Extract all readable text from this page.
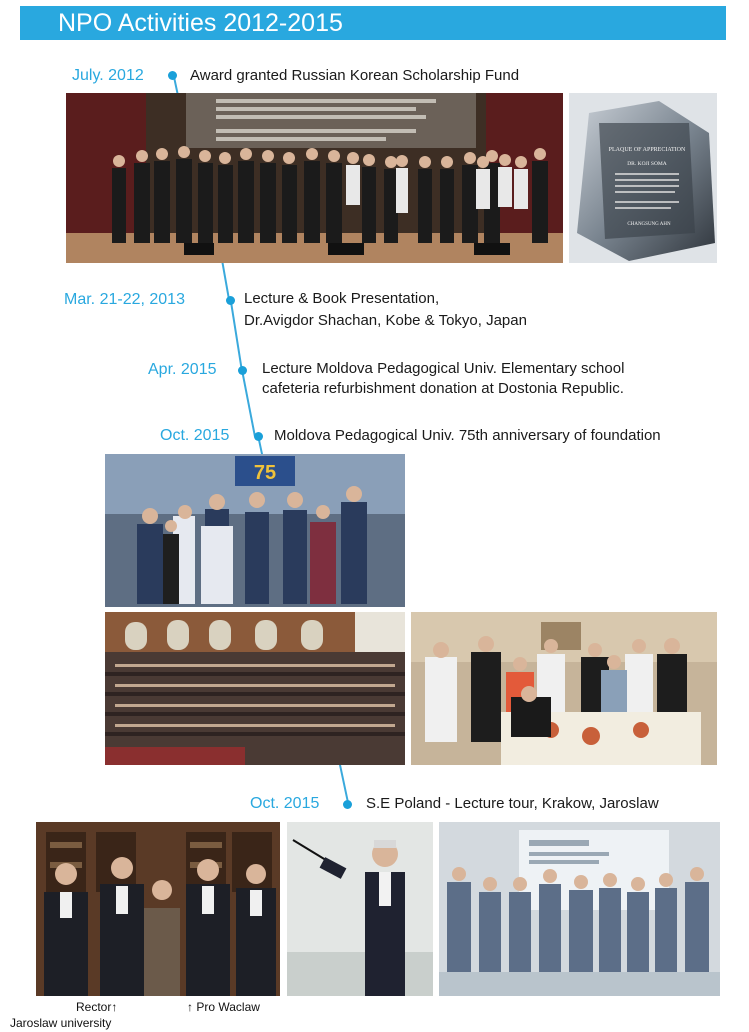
NPO Activities 2012-2015
July. 2012	Award granted Russian Korean Scholarship Fund
PLAQUE OF APPRECIATION
DR. KOJI SOMA
CHANGSUNG AHN
Mar. 21-22, 2013	Lecture & Book Presentation,
Dr.Avigdor Shachan, Kobe & Tokyo, Japan
Apr. 2015	Lecture Moldova Pedagogical Univ. Elementary school
cafeteria refurbishment donation at Dostonia Republic.
Oct. 2015	Moldova Pedagogical Univ. 75th anniversary of foundation
75
Oct. 2015	S.E Poland - Lecture tour, Krakow, Jaroslaw
Rector↑
Jaroslaw university
↑ Pro Waclaw
